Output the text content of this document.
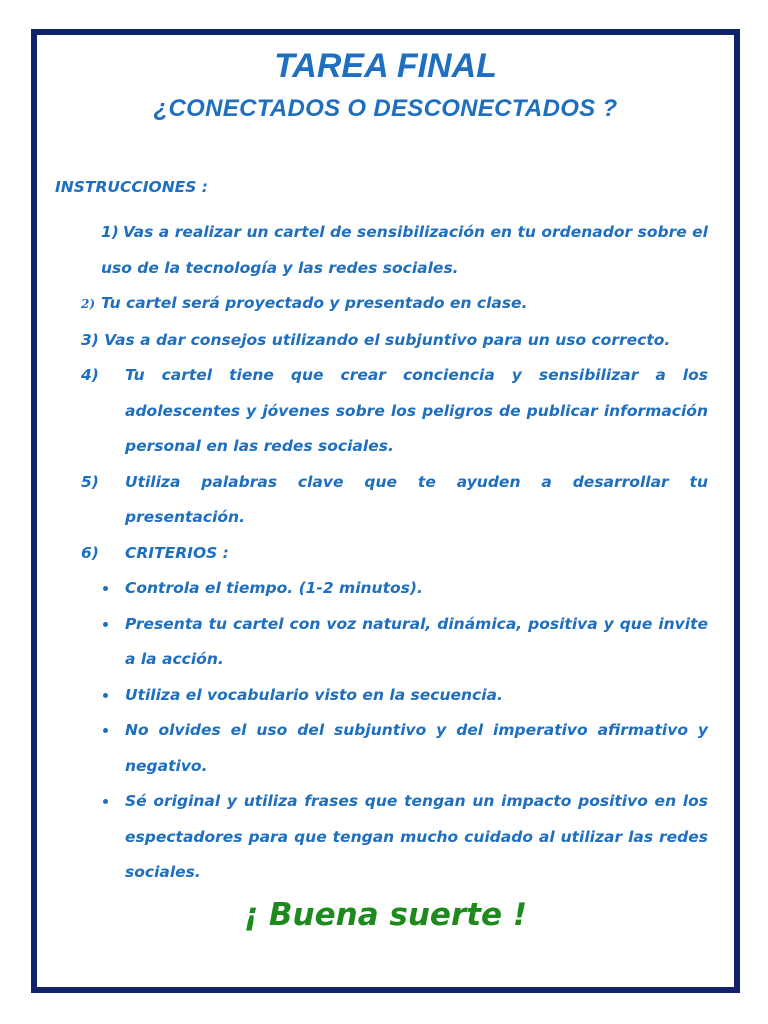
TAREA FINAL
¿CONECTADOS O DESCONECTADOS ?

INSTRUCCIONES :

1) Vas a realizar un cartel de sensibilización en tu ordenador sobre el uso de la tecnología y las redes sociales.
2) Tu cartel será proyectado y presentado en clase.
3) Vas a dar consejos utilizando el subjuntivo para un uso correcto.
4) Tu cartel tiene que crear conciencia y sensibilizar a los adolescentes y jóvenes sobre los peligros de publicar información personal en las redes sociales.
5) Utiliza palabras clave que te ayuden a desarrollar tu presentación.
6) CRITERIOS :
Controla el tiempo. (1-2 minutos).
Presenta tu cartel con voz natural, dinámica, positiva y que invite a la acción.
Utiliza el vocabulario visto en la secuencia.
No olvides el uso del subjuntivo y del imperativo afirmativo y negativo.
Sé original y utiliza frases que tengan un impacto positivo en los espectadores para que tengan mucho cuidado al utilizar las redes sociales.

¡ Buena suerte !
